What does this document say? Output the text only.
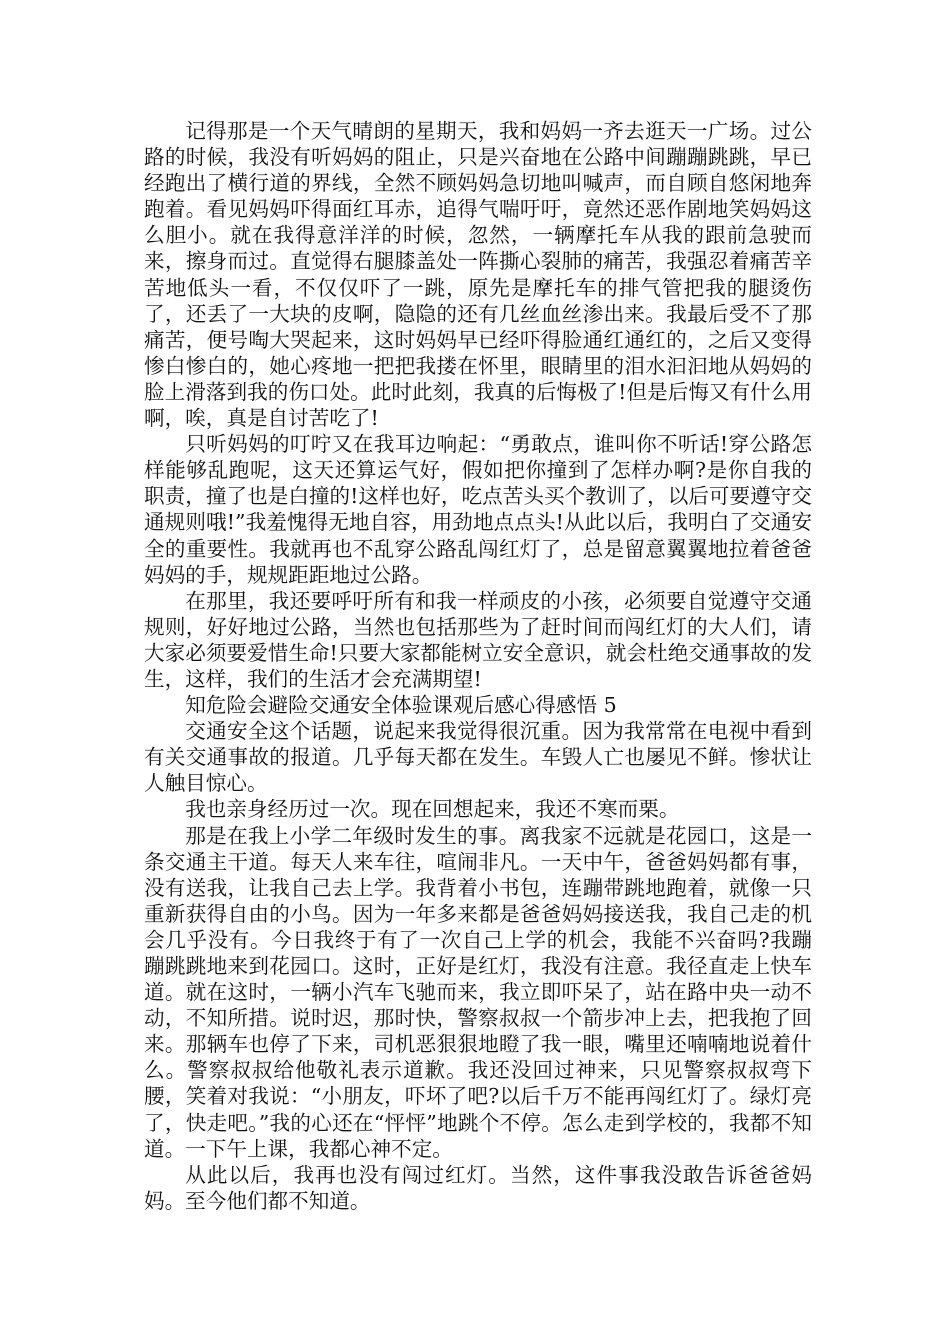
记得那是一个天气晴朗的星期天，我和妈妈一齐去逛天一广场。过公路的时候，我没有听妈妈的阻止，只是兴奋地在公路中间蹦蹦跳跳，早已经跑出了横行道的界线，全然不顾妈妈急切地叫喊声，而自顾自悠闲地奔跑着。看见妈妈吓得面红耳赤，追得气喘吁吁，竟然还恶作剧地笑妈妈这么胆小。就在我得意洋洋的时候，忽然，一辆摩托车从我的跟前急驶而来，擦身而过。直觉得右腿膝盖处一阵撕心裂肺的痛苦，我强忍着痛苦辛苦地低头一看，不仅仅吓了一跳，原先是摩托车的排气管把我的腿烫伤了，还丢了一大块的皮啊，隐隐的还有几丝血丝渗出来。我最后受不了那痛苦，便号啕大哭起来，这时妈妈早已经吓得脸通红通红的，之后又变得惨白惨白的，她心疼地一把把我搂在怀里，眼睛里的泪水汩汩地从妈妈的脸上滑落到我的伤口处。此时此刻，我真的后悔极了!但是后悔又有什么用啊，唉，真是自讨苦吃了!

只听妈妈的叮咛又在我耳边响起：“勇敢点，谁叫你不听话!穿公路怎样能够乱跑呢，这天还算运气好，假如把你撞到了怎样办啊?是你自我的职责，撞了也是白撞的!这样也好，吃点苦头买个教训了，以后可要遵守交通规则哦!”我羞愧得无地自容，用劲地点点头!从此以后，我明白了交通安全的重要性。我就再也不乱穿公路乱闯红灯了，总是留意翼翼地拉着爸爸妈妈的手，规规距距地过公路。

在那里，我还要呼吁所有和我一样顽皮的小孩，必须要自觉遵守交通规则，好好地过公路，当然也包括那些为了赶时间而闯红灯的大人们，请大家必须要爱惜生命!只要大家都能树立安全意识，就会杜绝交通事故的发生，这样，我们的生活才会充满期望!

知危险会避险交通安全体验课观后感心得感悟 5

交通安全这个话题，说起来我觉得很沉重。因为我常常在电视中看到有关交通事故的报道。几乎每天都在发生。车毁人亡也屡见不鲜。惨状让人触目惊心。

我也亲身经历过一次。现在回想起来，我还不寒而栗。

那是在我上小学二年级时发生的事。离我家不远就是花园口，这是一条交通主干道。每天人来车往，喧闹非凡。一天中午，爸爸妈妈都有事，没有送我，让我自己去上学。我背着小书包，连蹦带跳地跑着，就像一只重新获得自由的小鸟。因为一年多来都是爸爸妈妈接送我，我自己走的机会几乎没有。今日我终于有了一次自己上学的机会，我能不兴奋吗?我蹦蹦跳跳地来到花园口。这时，正好是红灯，我没有注意。我径直走上快车道。就在这时，一辆小汽车飞驰而来，我立即吓呆了，站在路中央一动不动，不知所措。说时迟，那时快，警察叔叔一个箭步冲上去，把我抱了回来。那辆车也停了下来，司机恶狠狠地瞪了我一眼，嘴里还喃喃地说着什么。警察叔叔给他敬礼表示道歉。我还没回过神来，只见警察叔叔弯下腰，笑着对我说：“小朋友，吓坏了吧?以后千万不能再闯红灯了。绿灯亮了，快走吧。”我的心还在“怦怦”地跳个不停。怎么走到学校的，我都不知道。一下午上课，我都心神不定。

从此以后，我再也没有闯过红灯。当然，这件事我没敢告诉爸爸妈妈。至今他们都不知道。
